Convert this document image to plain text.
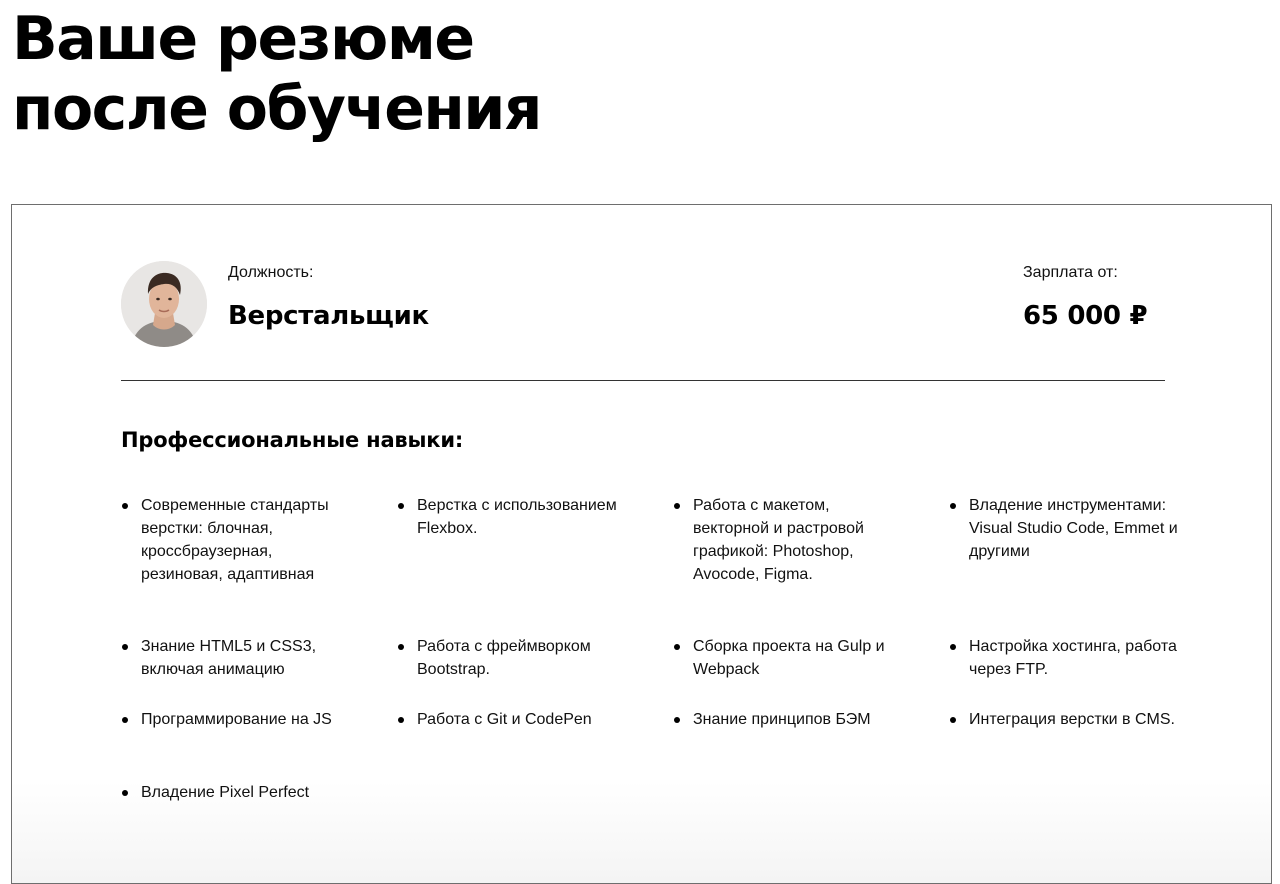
Ваше резюме
после обучения
Должность:
Верстальщик
Зарплата от:
65 000 ₽
Профессиональные навыки:
Современные стандарты верстки: блочная, кроссбраузерная, резиновая, адаптивная
Верстка с использованием Flexbox.
Работа с макетом, векторной и растровой графикой: Photoshop, Avocode, Figma.
Владение инструментами: Visual Studio Code, Emmet и другими
Знание HTML5 и CSS3, включая анимацию
Работа с фреймворком Bootstrap.
Сборка проекта на Gulp и Webpack
Настройка хостинга, работа через FTP.
Программирование на JS	Работа с Git и CodePen	Знание принципов БЭМ	Интеграция верстки в CMS.
Владение Pixel Perfect
